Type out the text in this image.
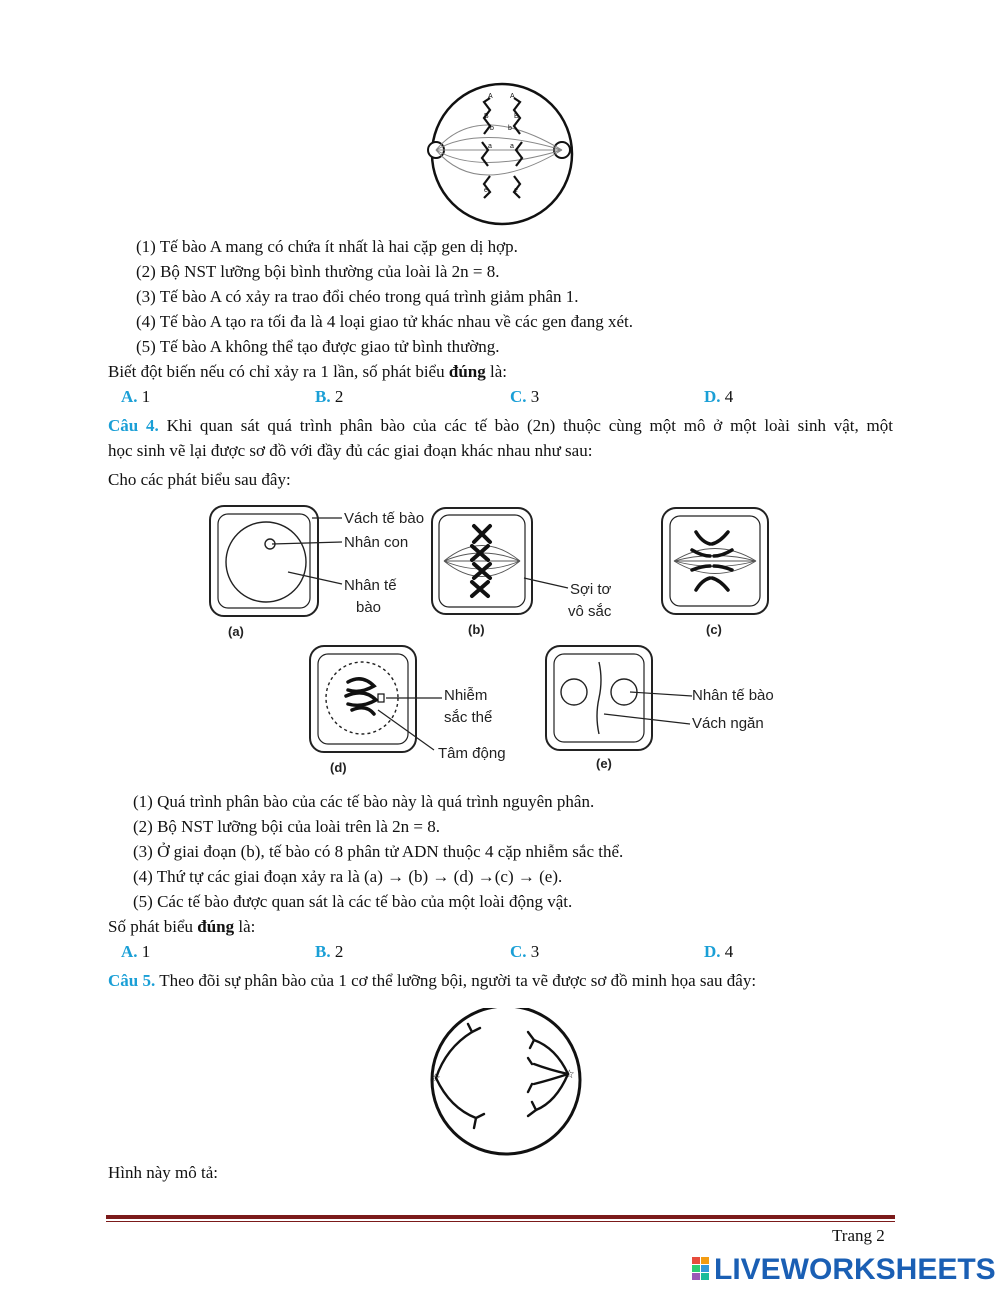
A
B
b
a
e
A
B
b
a
e
(1) Tế bào A mang có chứa ít nhất là hai cặp gen dị hợp.
(2) Bộ NST lưỡng bội bình thường của loài là 2n = 8.
(3) Tế bào A có xảy ra trao đổi chéo trong quá trình giảm phân 1.
(4) Tế bào A tạo ra tối đa là 4 loại giao tử khác nhau về các gen đang xét.
(5) Tế bào A không thể tạo được giao tử bình thường.
Biết đột biến nếu có chỉ xảy ra 1 lần, số phát biểu đúng là:
A. 1	B. 2	C. 3	D. 4
Câu 4. Khi quan sát quá trình phân bào của các tế bào (2n) thuộc cùng một mô ở một loài sinh vật, một
học sinh vẽ lại được sơ đồ với đầy đủ các giai đoạn khác nhau như sau:
Cho các phát biểu sau đây:
Vách tế bào
Nhân con
Nhân tế
bào
Sợi tơ
vô sắc
Nhiễm
sắc thể
Tâm động
Nhân tế bào
Vách ngăn
(a)	(b)	(c)
(d)	(e)
(1) Quá trình phân bào của các tế bào này là quá trình nguyên phân.
(2) Bộ NST lưỡng bội của loài trên là 2n = 8.
(3) Ở giai đoạn (b), tế bào có 8 phân tử ADN thuộc 4 cặp nhiễm sắc thể.
(4) Thứ tự các giai đoạn xảy ra là (a) → (b) → (d) →(c) → (e).
(5) Các tế bào được quan sát là các tế bào của một loài động vật.
Số phát biểu đúng là:
A. 1	B. 2	C. 3	D. 4
Câu 5. Theo đõi sự phân bào của 1 cơ thể lưỡng bội, người ta vẽ được sơ đồ minh họa sau đây:
☆	☆
Hình này mô tả:
Trang 2
LIVEWORKSHEETS
